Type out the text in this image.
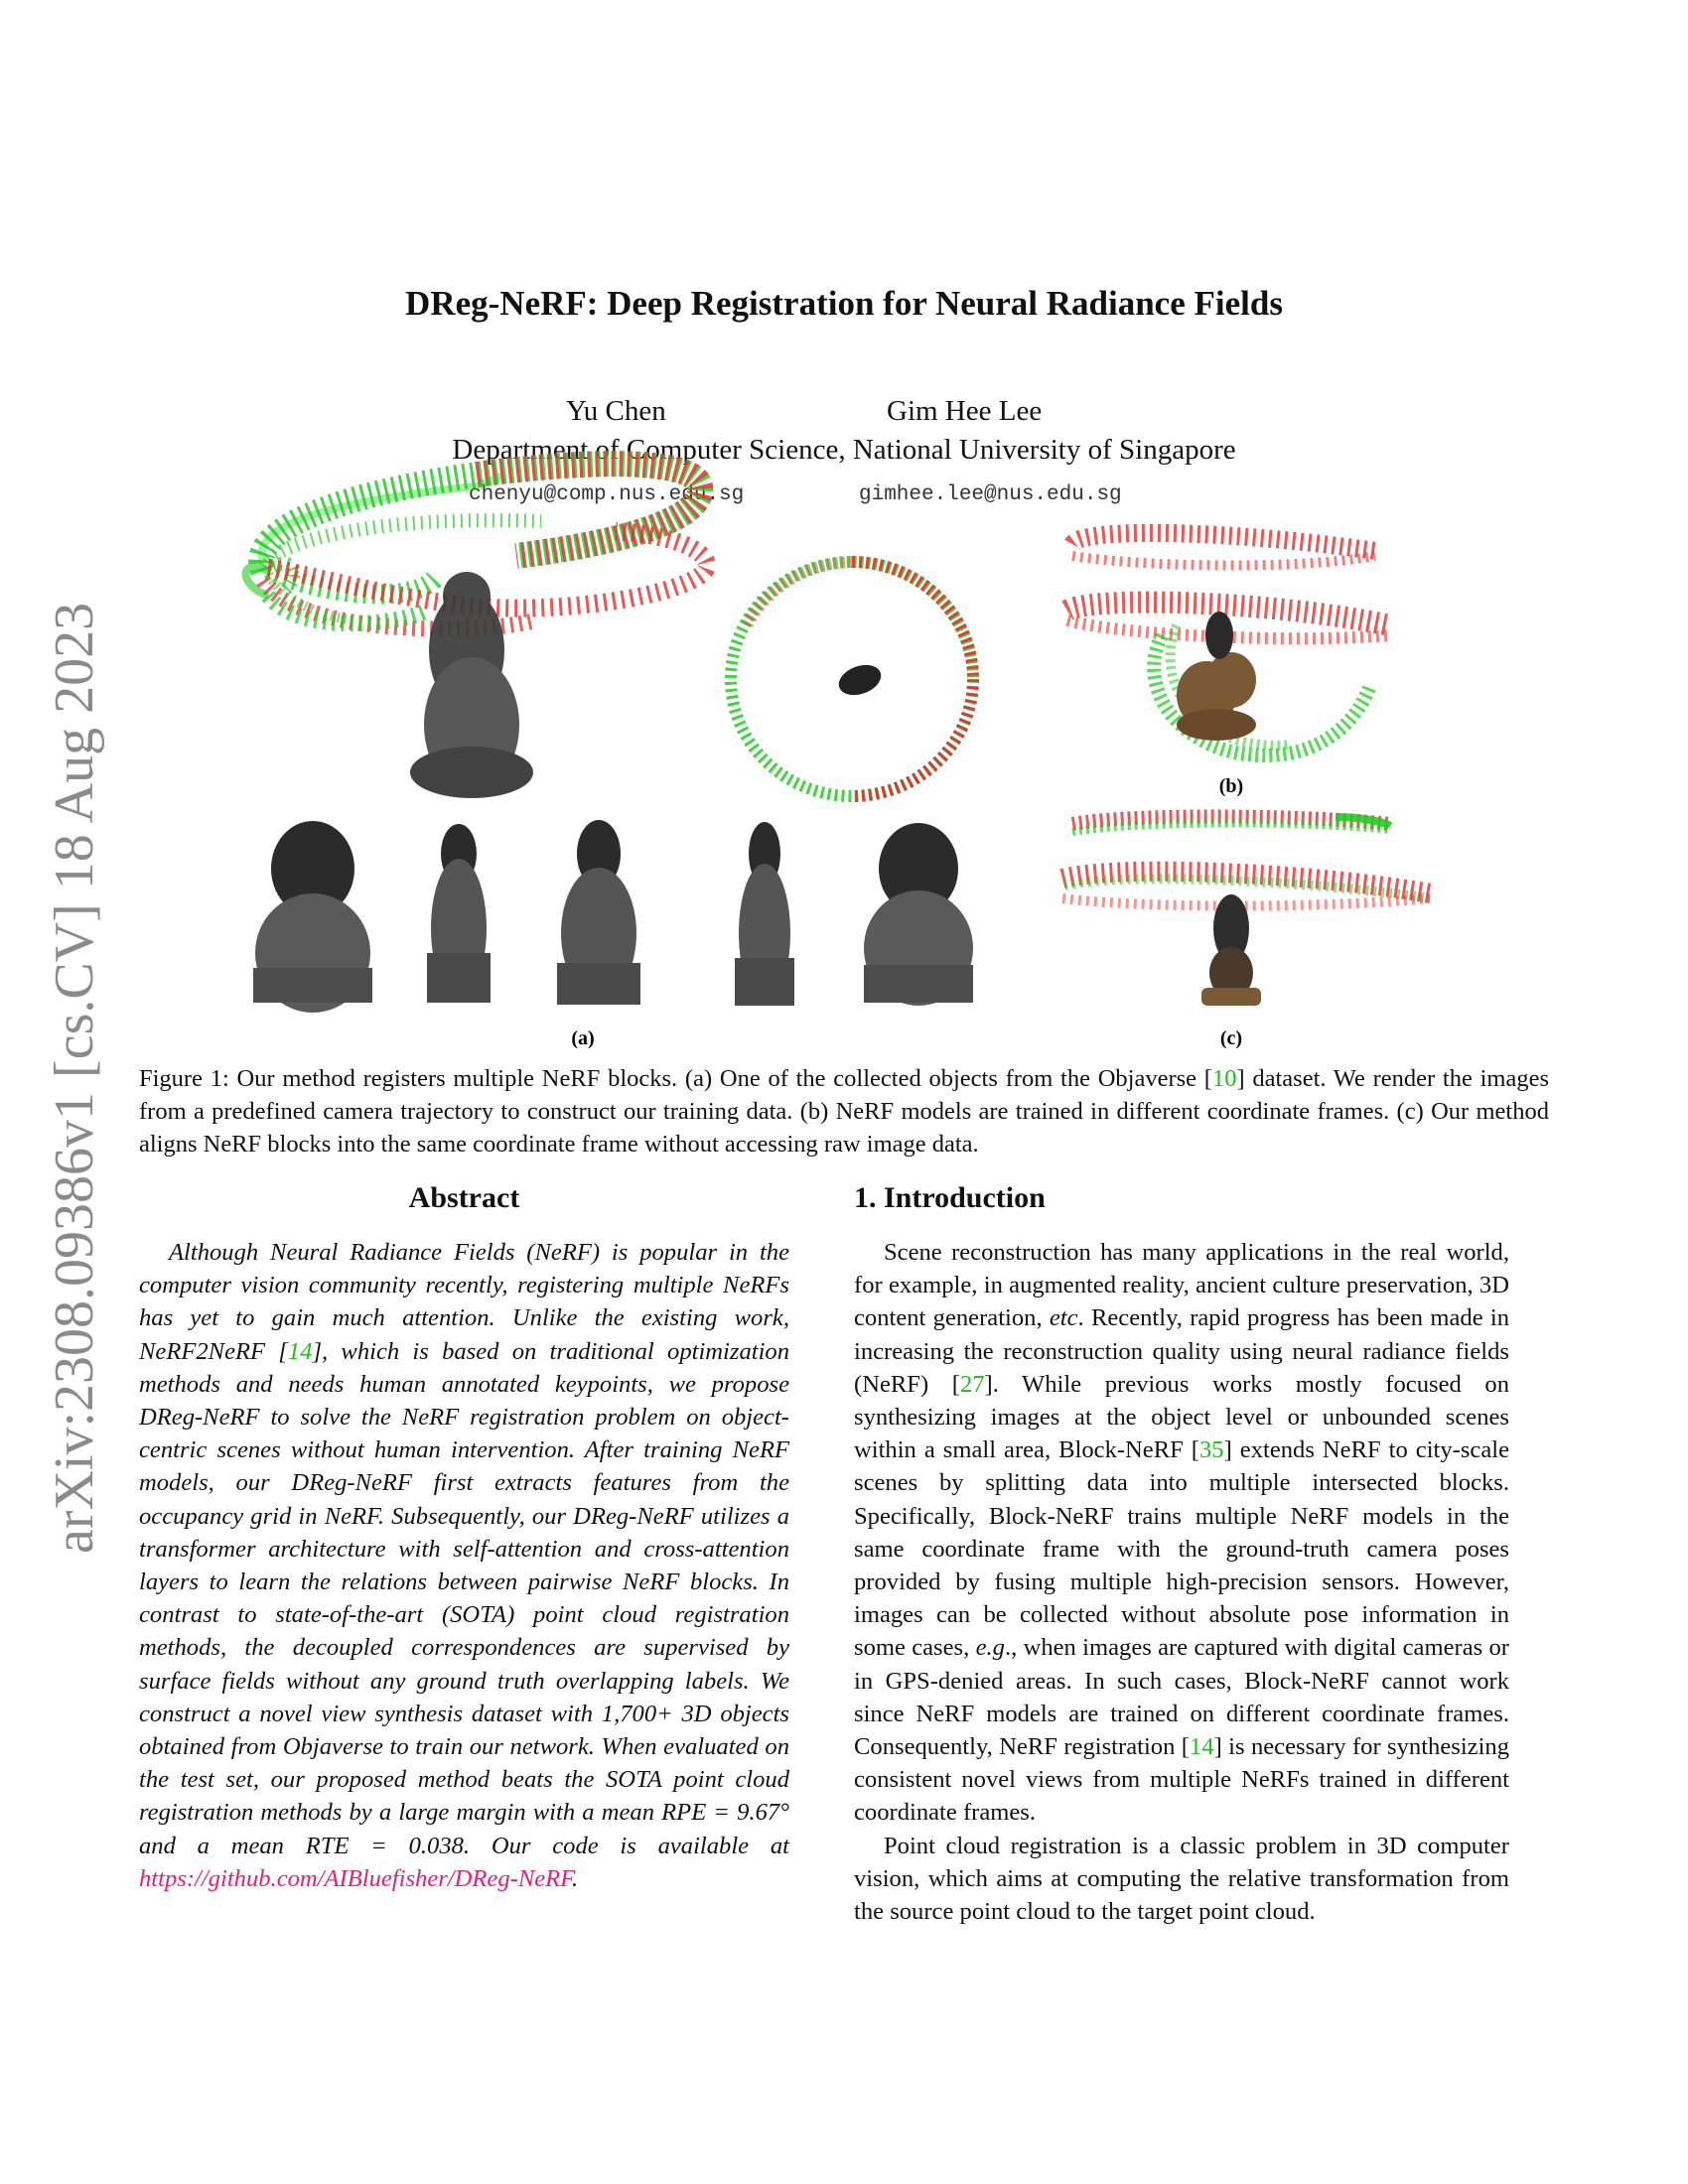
arXiv:2308.09386v1 [cs.CV] 18 Aug 2023
DReg-NeRF: Deep Registration for Neural Radiance Fields
Yu Chen	Gim Hee Lee
Department of Computer Science, National University of Singapore
chenyu@comp.nus.edu.sg	gimhee.lee@nus.edu.sg
(b)
(c)
(a)
Figure 1: Our method registers multiple NeRF blocks. (a) One of the collected objects from the Objaverse [10] dataset. We render the images from a predefined camera trajectory to construct our training data. (b) NeRF models are trained in different coordinate frames. (c) Our method aligns NeRF blocks into the same coordinate frame without accessing raw image data.
Abstract

Although Neural Radiance Fields (NeRF) is popular in the computer vision community recently, registering multiple NeRFs has yet to gain much attention. Unlike the existing work, NeRF2NeRF [14], which is based on traditional optimization methods and needs human annotated keypoints, we propose DReg-NeRF to solve the NeRF registration problem on object-centric scenes without human intervention. After training NeRF models, our DReg-NeRF first extracts features from the occupancy grid in NeRF. Subsequently, our DReg-NeRF utilizes a transformer architecture with self-attention and cross-attention layers to learn the relations between pairwise NeRF blocks. In contrast to state-of-the-art (SOTA) point cloud registration methods, the decoupled correspondences are supervised by surface fields without any ground truth overlapping labels. We construct a novel view synthesis dataset with 1,700+ 3D objects obtained from Objaverse to train our network. When evaluated on the test set, our proposed method beats the SOTA point cloud registration methods by a large margin with a mean RPE = 9.67° and a mean RTE = 0.038. Our code is available at https://github.com/AIBluefisher/DReg-NeRF.

1. Introduction

Scene reconstruction has many applications in the real world, for example, in augmented reality, ancient culture preservation, 3D content generation, etc. Recently, rapid progress has been made in increasing the reconstruction quality using neural radiance fields (NeRF) [27]. While previous works mostly focused on synthesizing images at the object level or unbounded scenes within a small area, Block-NeRF [35] extends NeRF to city-scale scenes by splitting data into multiple intersected blocks. Specifically, Block-NeRF trains multiple NeRF models in the same coordinate frame with the ground-truth camera poses provided by fusing multiple high-precision sensors. However, images can be collected without absolute pose information in some cases, e.g., when images are captured with digital cameras or in GPS-denied areas. In such cases, Block-NeRF cannot work since NeRF models are trained on different coordinate frames. Consequently, NeRF registration [14] is necessary for synthesizing consistent novel views from multiple NeRFs trained in different coordinate frames.

Point cloud registration is a classic problem in 3D computer vision, which aims at computing the relative transformation from the source point cloud to the target point cloud.
